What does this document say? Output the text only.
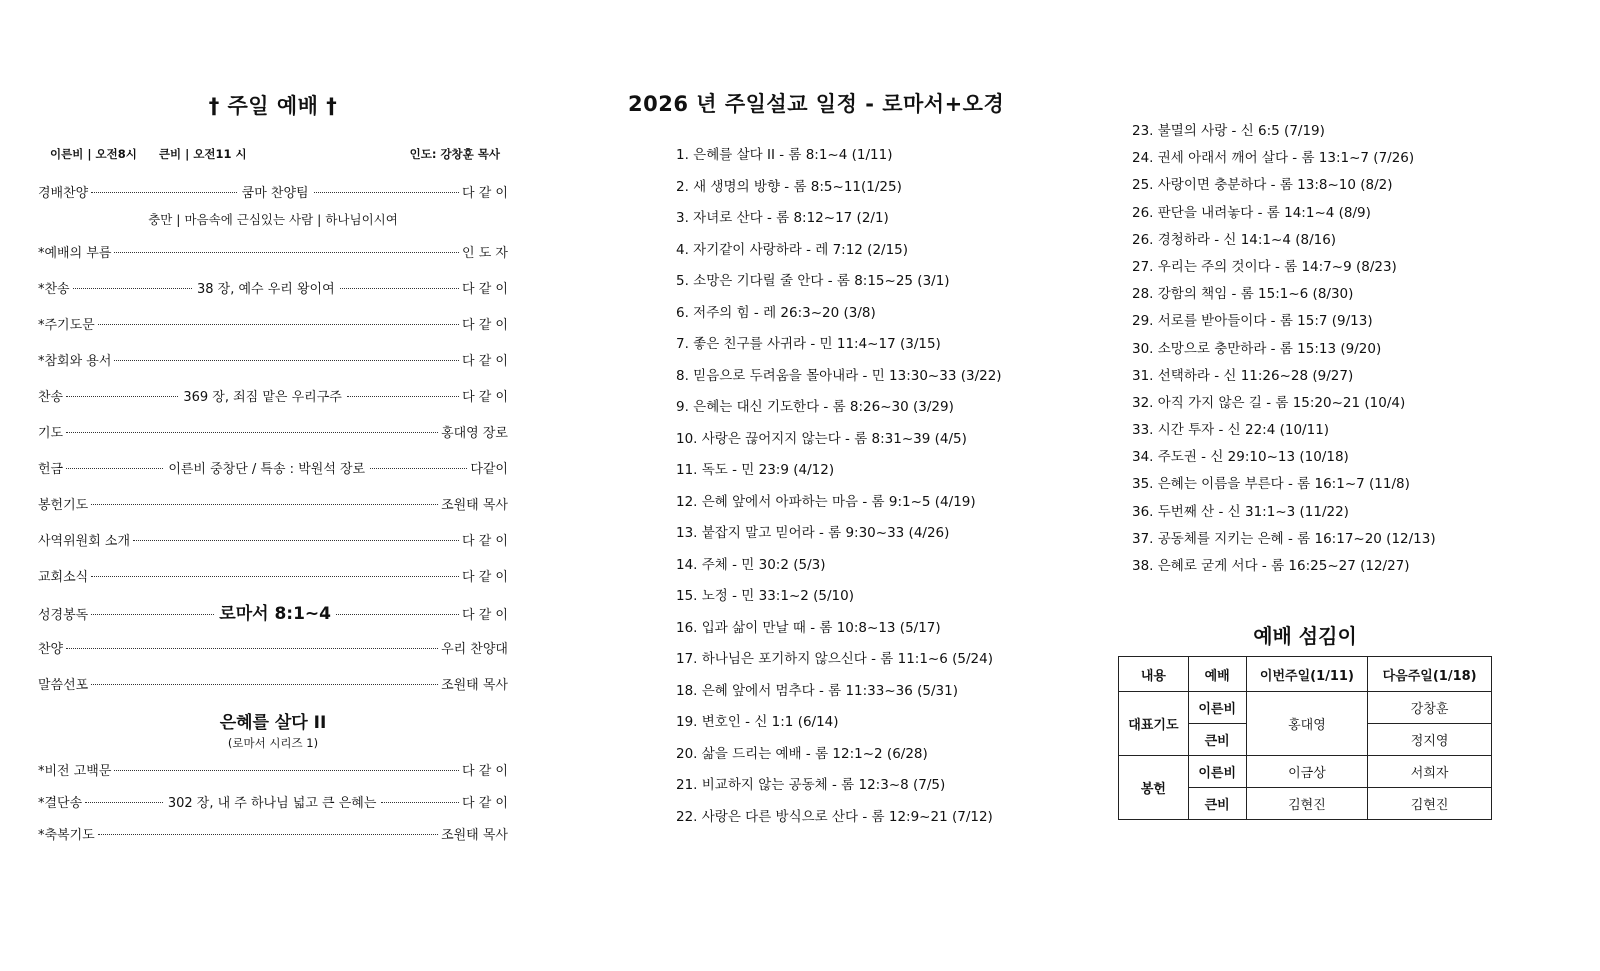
† 주일 예배 †
이른비 | 오전8시 큰비 | 오전11 시	인도: 강창훈 목사
경배찬양	쿰마 찬양팀	다 같 이
충만 | 마음속에 근심있는 사람 | 하나님이시여
*예배의 부름	인 도 자
*찬송	38 장, 예수 우리 왕이여	다 같 이
*주기도문	다 같 이
*참회와 용서	다 같 이
찬송	369 장, 죄짐 맡은 우리구주	다 같 이
기도	홍대영 장로
헌금	이른비 중창단 / 특송 : 박원석 장로	다같이
봉헌기도	조원태 목사
사역위원회 소개	다 같 이
교회소식	다 같 이
성경봉독	로마서 8:1~4	다 같 이
찬양	우리 찬양대
말씀선포	조원태 목사
은혜를 살다 II
(로마서 시리즈 1)
*비전 고백문	다 같 이
*결단송	302 장, 내 주 하나님 넓고 큰 은혜는	다 같 이
*축복기도	조원태 목사
2026 년 주일설교 일정 - 로마서+오경
1. 은혜를 살다 II - 롬 8:1~4 (1/11)
2. 새 생명의 방향 - 롬 8:5~11(1/25)
3. 자녀로 산다 - 롬 8:12~17 (2/1)
4. 자기같이 사랑하라 - 레 7:12 (2/15)
5. 소망은 기다릴 줄 안다 - 롬 8:15~25 (3/1)
6. 저주의 힘 - 레 26:3~20 (3/8)
7. 좋은 친구를 사귀라 - 민 11:4~17 (3/15)
8. 믿음으로 두려움을 몰아내라 - 민 13:30~33 (3/22)
9. 은혜는 대신 기도한다 - 롬 8:26~30 (3/29)
10. 사랑은 끊어지지 않는다 - 롬 8:31~39 (4/5)
11. 독도 - 민 23:9 (4/12)
12. 은혜 앞에서 아파하는 마음 - 롬 9:1~5 (4/19)
13. 붙잡지 말고 믿어라 - 롬 9:30~33 (4/26)
14. 주체 - 민 30:2 (5/3)
15. 노정 - 민 33:1~2 (5/10)
16. 입과 삶이 만날 때 - 롬 10:8~13 (5/17)
17. 하나님은 포기하지 않으신다 - 롬 11:1~6 (5/24)
18. 은혜 앞에서 멈추다 - 롬 11:33~36 (5/31)
19. 변호인 - 신 1:1 (6/14)
20. 삶을 드리는 예배 - 롬 12:1~2 (6/28)
21. 비교하지 않는 공동체 - 롬 12:3~8 (7/5)
22. 사랑은 다른 방식으로 산다 - 롬 12:9~21 (7/12)
23. 불멸의 사랑 - 신 6:5 (7/19)
24. 권세 아래서 깨어 살다 - 롬 13:1~7 (7/26)
25. 사랑이면 충분하다 - 롬 13:8~10 (8/2)
26. 판단을 내려놓다 - 롬 14:1~4 (8/9)
26. 경청하라 - 신 14:1~4 (8/16)
27. 우리는 주의 것이다 - 롬 14:7~9 (8/23)
28. 강함의 책임 - 롬 15:1~6 (8/30)
29. 서로를 받아들이다 - 롬 15:7 (9/13)
30. 소망으로 충만하라 - 롬 15:13 (9/20)
31. 선택하라 - 신 11:26~28 (9/27)
32. 아직 가지 않은 길 - 롬 15:20~21 (10/4)
33. 시간 투자 - 신 22:4 (10/11)
34. 주도권 - 신 29:10~13 (10/18)
35. 은혜는 이름을 부른다 - 롬 16:1~7 (11/8)
36. 두번째 산 - 신 31:1~3 (11/22)
37. 공동체를 지키는 은혜 - 롬 16:17~20 (12/13)
38. 은혜로 굳게 서다 - 롬 16:25~27 (12/27)
예배 섬김이
내용	예배	이번주일(1/11)	다음주일(1/18)
대표기도	이른비	홍대영	강창훈
	큰비		정지영
봉헌	이른비	이금상	서희자
	큰비	김현진	김현진
